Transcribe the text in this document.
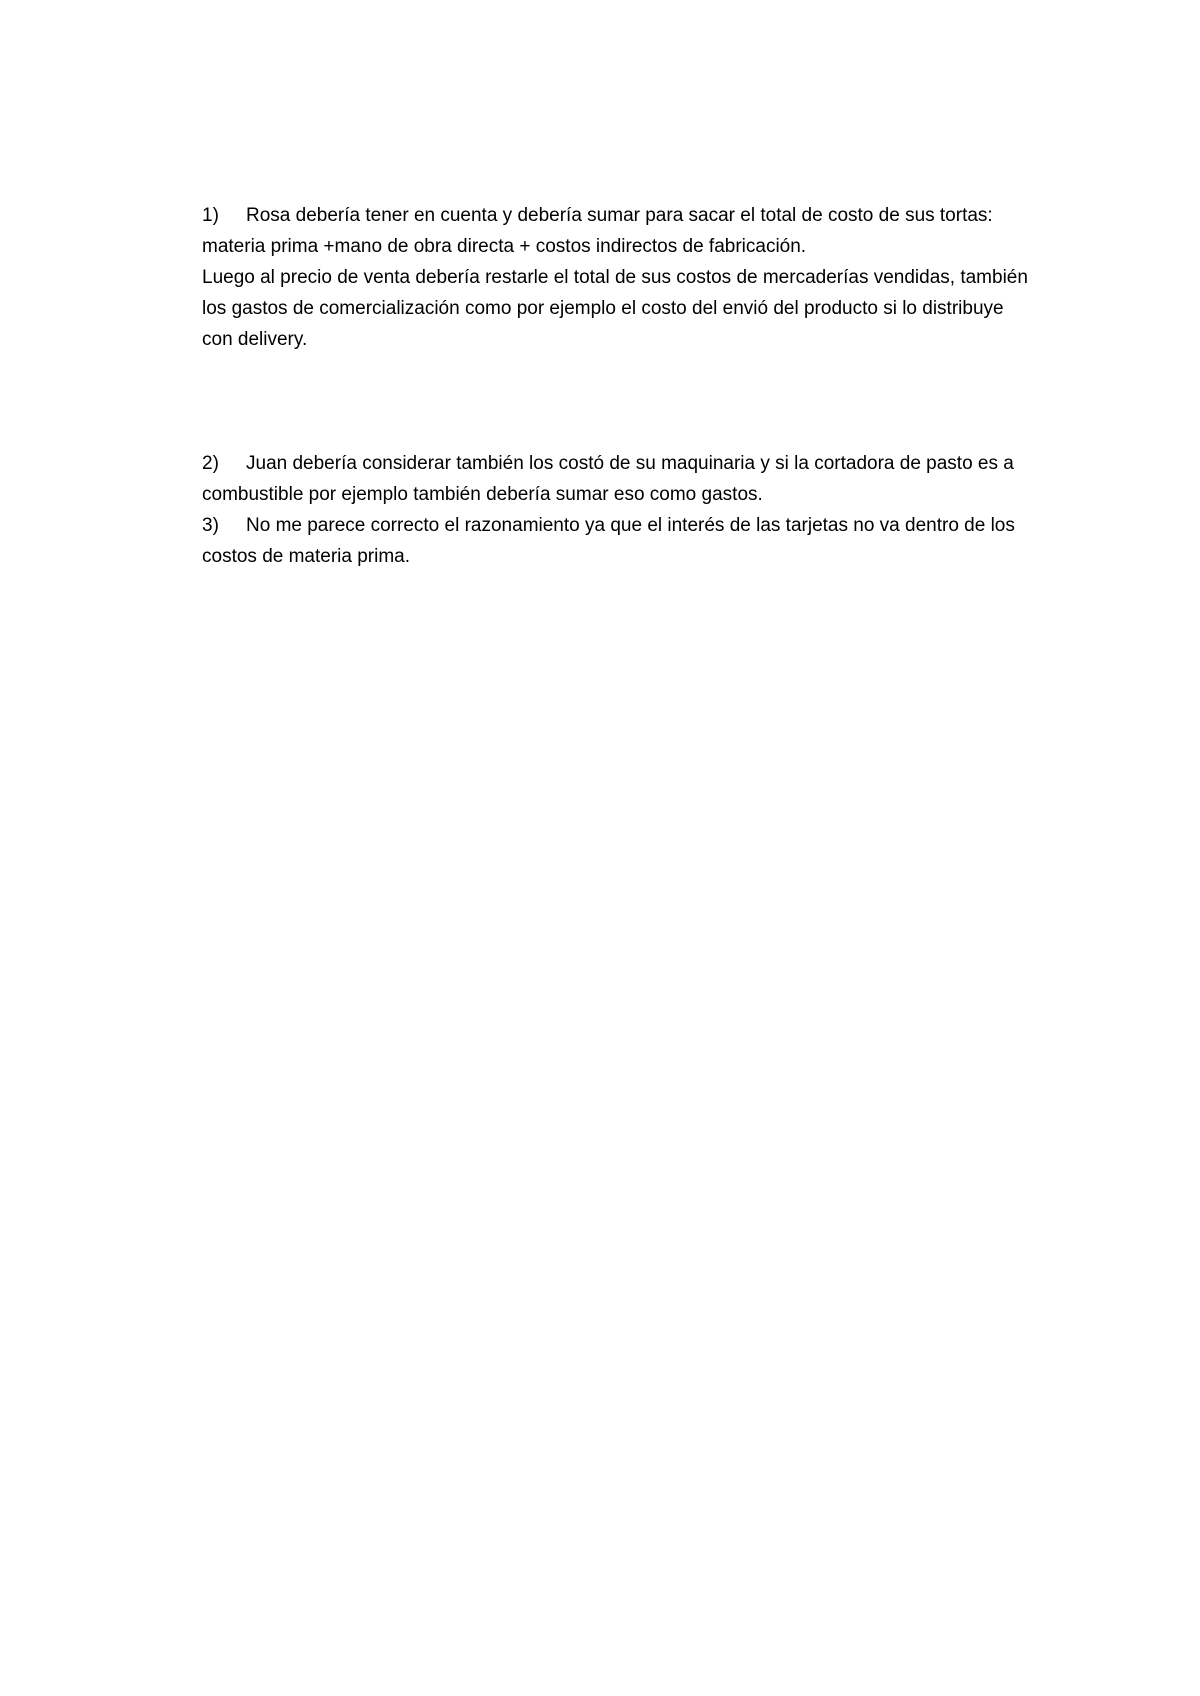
1) Rosa debería tener en cuenta y debería sumar para sacar el total de costo de sus tortas: materia prima +mano de obra directa + costos indirectos de fabricación.

Luego al precio de venta debería restarle el total de sus costos de mercaderías vendidas, también los gastos de comercialización como por ejemplo el costo del envió del producto si lo distribuye con delivery.

2) Juan debería considerar también los costó de su maquinaria y si la cortadora de pasto es a combustible por ejemplo también debería sumar eso como gastos.

3) No me parece correcto el razonamiento ya que el interés de las tarjetas no va dentro de los costos de materia prima.
